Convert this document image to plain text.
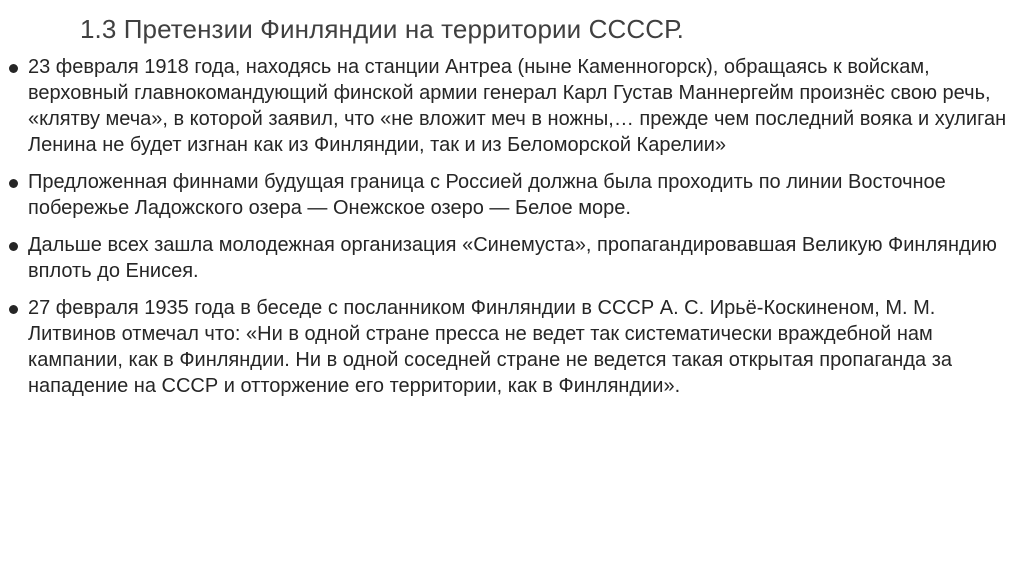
1.3 Претензии Финляндии на территории СССCР.
23 февраля 1918 года, находясь на станции Антреа (ныне Каменногорск), обращаясь к войскам, верховный главнокомандующий финской армии генерал Карл Густав Маннергейм произнёс свою речь, «клятву меча», в которой заявил, что «не вложит меч в ножны,… прежде чем последний вояка и хулиган Ленина не будет изгнан как из Финляндии, так и из Беломорской Карелии»
Предложенная финнами будущая граница с Россией должна была проходить по линии Восточное побережье Ладожского озера — Онежское озеро — Белое море.
Дальше всех зашла молодежная организация «Синемуста», пропагандировавшая Великую Финляндию вплоть до Енисея.
27 февраля 1935 года в беседе с посланником Финляндии в СССР А. С. Ирьё-Коскиненом, М. М. Литвинов отмечал что: «Ни в одной стране пресса не ведет так систематически враждебной нам кампании, как в Финляндии. Ни в одной соседней стране не ведется такая открытая пропаганда за нападение на СССР и отторжение его территории, как в Финляндии».
